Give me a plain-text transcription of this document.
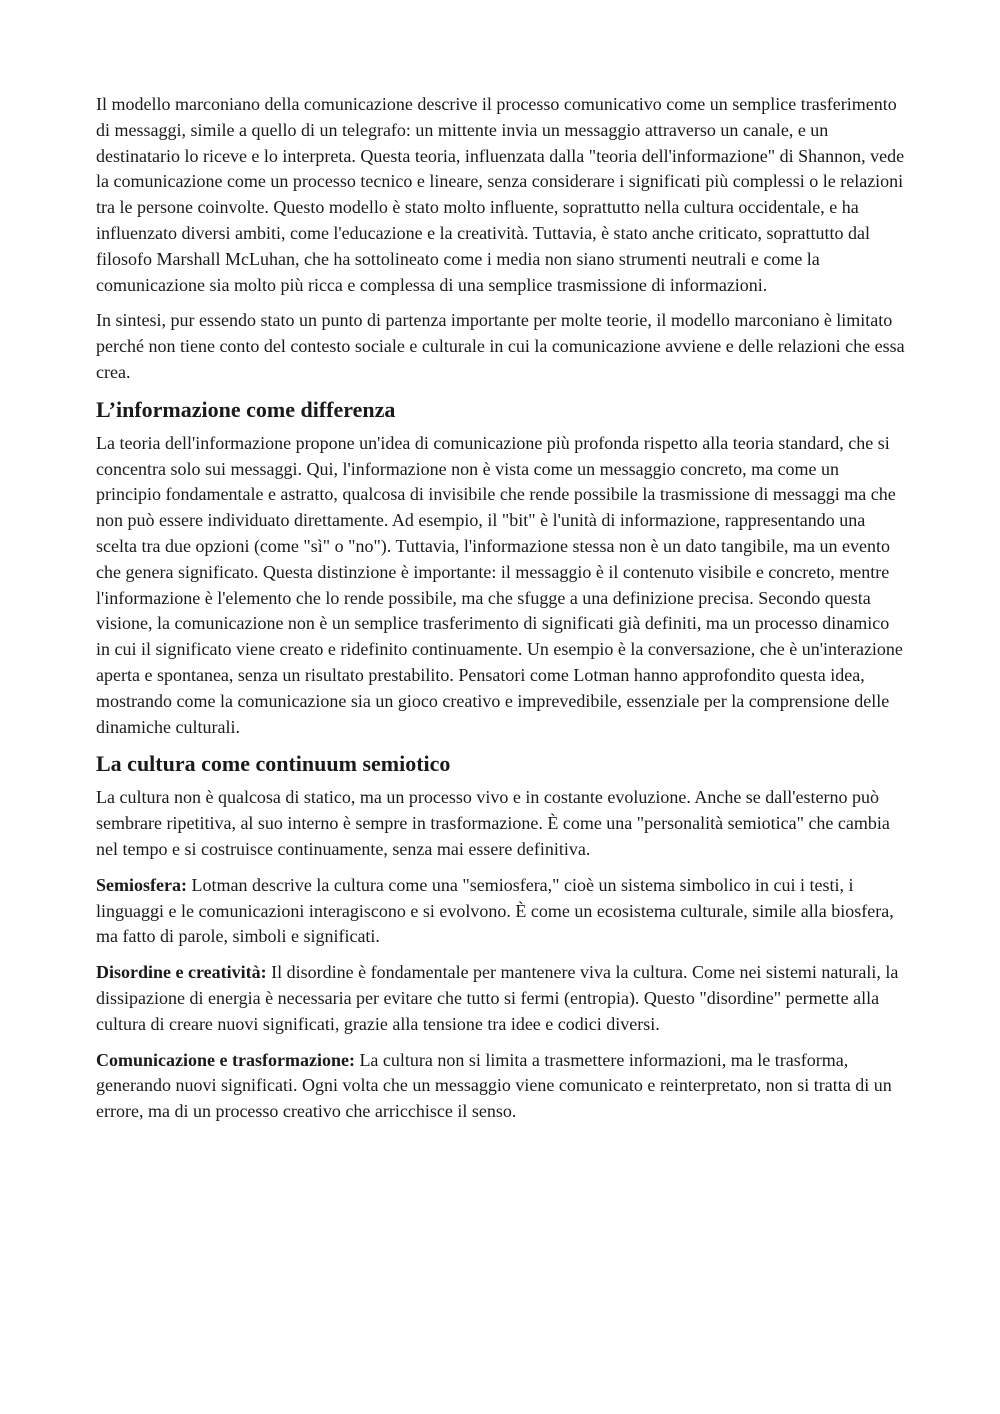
Il modello marconiano della comunicazione descrive il processo comunicativo come un semplice trasferimento di messaggi, simile a quello di un telegrafo: un mittente invia un messaggio attraverso un canale, e un destinatario lo riceve e lo interpreta. Questa teoria, influenzata dalla "teoria dell'informazione" di Shannon, vede la comunicazione come un processo tecnico e lineare, senza considerare i significati più complessi o le relazioni tra le persone coinvolte. Questo modello è stato molto influente, soprattutto nella cultura occidentale, e ha influenzato diversi ambiti, come l'educazione e la creatività. Tuttavia, è stato anche criticato, soprattutto dal filosofo Marshall McLuhan, che ha sottolineato come i media non siano strumenti neutrali e come la comunicazione sia molto più ricca e complessa di una semplice trasmissione di informazioni.

In sintesi, pur essendo stato un punto di partenza importante per molte teorie, il modello marconiano è limitato perché non tiene conto del contesto sociale e culturale in cui la comunicazione avviene e delle relazioni che essa crea.

L’informazione come differenza

La teoria dell'informazione propone un'idea di comunicazione più profonda rispetto alla teoria standard, che si concentra solo sui messaggi. Qui, l'informazione non è vista come un messaggio concreto, ma come un principio fondamentale e astratto, qualcosa di invisibile che rende possibile la trasmissione di messaggi ma che non può essere individuato direttamente. Ad esempio, il "bit" è l'unità di informazione, rappresentando una scelta tra due opzioni (come "sì" o "no"). Tuttavia, l'informazione stessa non è un dato tangibile, ma un evento che genera significato. Questa distinzione è importante: il messaggio è il contenuto visibile e concreto, mentre l'informazione è l'elemento che lo rende possibile, ma che sfugge a una definizione precisa. Secondo questa visione, la comunicazione non è un semplice trasferimento di significati già definiti, ma un processo dinamico in cui il significato viene creato e ridefinito continuamente. Un esempio è la conversazione, che è un'interazione aperta e spontanea, senza un risultato prestabilito. Pensatori come Lotman hanno approfondito questa idea, mostrando come la comunicazione sia un gioco creativo e imprevedibile, essenziale per la comprensione delle dinamiche culturali.

La cultura come continuum semiotico

La cultura non è qualcosa di statico, ma un processo vivo e in costante evoluzione. Anche se dall'esterno può sembrare ripetitiva, al suo interno è sempre in trasformazione. È come una "personalità semiotica" che cambia nel tempo e si costruisce continuamente, senza mai essere definitiva.

Semiosfera: Lotman descrive la cultura come una "semiosfera," cioè un sistema simbolico in cui i testi, i linguaggi e le comunicazioni interagiscono e si evolvono. È come un ecosistema culturale, simile alla biosfera, ma fatto di parole, simboli e significati.

Disordine e creatività: Il disordine è fondamentale per mantenere viva la cultura. Come nei sistemi naturali, la dissipazione di energia è necessaria per evitare che tutto si fermi (entropia). Questo "disordine" permette alla cultura di creare nuovi significati, grazie alla tensione tra idee e codici diversi.

Comunicazione e trasformazione: La cultura non si limita a trasmettere informazioni, ma le trasforma, generando nuovi significati. Ogni volta che un messaggio viene comunicato e reinterpretato, non si tratta di un errore, ma di un processo creativo che arricchisce il senso.
